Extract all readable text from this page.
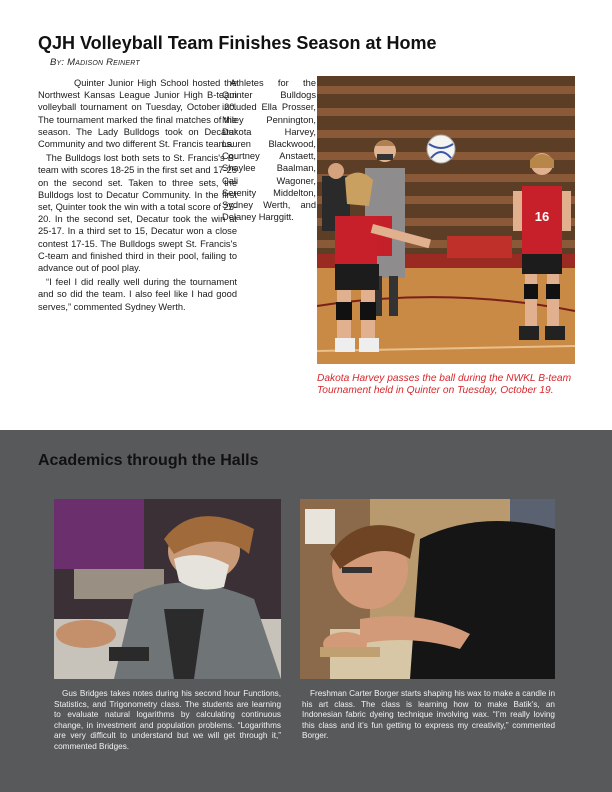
QJH Volleyball Team Finishes Season at Home
By: Madison Reinert

Quinter Junior High School hosted the Northwest Kansas League Junior High B-team volleyball tournament on Tuesday, October 20. The tournament marked the final matches of the season. The Lady Bulldogs took on Decatur Community and two different St. Francis teams.

The Bulldogs lost both sets to St. Francis's B-team with scores 18-25 in the first set and 17-25 on the second set. Taken to three sets, the Bulldogs lost to Decatur Community. In the first set, Quinter took the win with a total score of 25-20. In the second set, Decatur took the win at 25-17. In a third set to 15, Decatur won a close contest 17-15. The Bulldogs swept St. Francis's C-team and finished third in their pool, failing to advance out of pool play.

“I feel I did really well during the tournament and so did the team. I also feel like I had good serves,” commented Sydney Werth.

Athletes for the Quinter Bulldogs included Ella Prosser, Miley Pennington, Dakota Harvey, Lauren Blackwood, Courtney Anstaett, Shaylee Baalman, Cali Wagoner, Serenity Middelton, Sydney Werth, and Delaney Harggitt.	16
Dakota Harvey passes the ball during the NWKL B-team Tournament held in Quinter on Tuesday, October 19.
Academics through the Halls
Gus Bridges takes notes during his second hour Functions, Statistics, and Trigonometry class. The students are learning to evaluate natural logarithms by calculating continuous change, in investment and population problems. “Logarithms are very difficult to understand but we will get through it,” commented Bridges.
Freshman Carter Borger starts shaping his wax to make a candle in his art class. The class is learning how to make Batik’s, an Indonesian fabric dyeing technique involving wax. “I’m really loving this class and it’s fun getting to express my creativity,” commented Borger.
